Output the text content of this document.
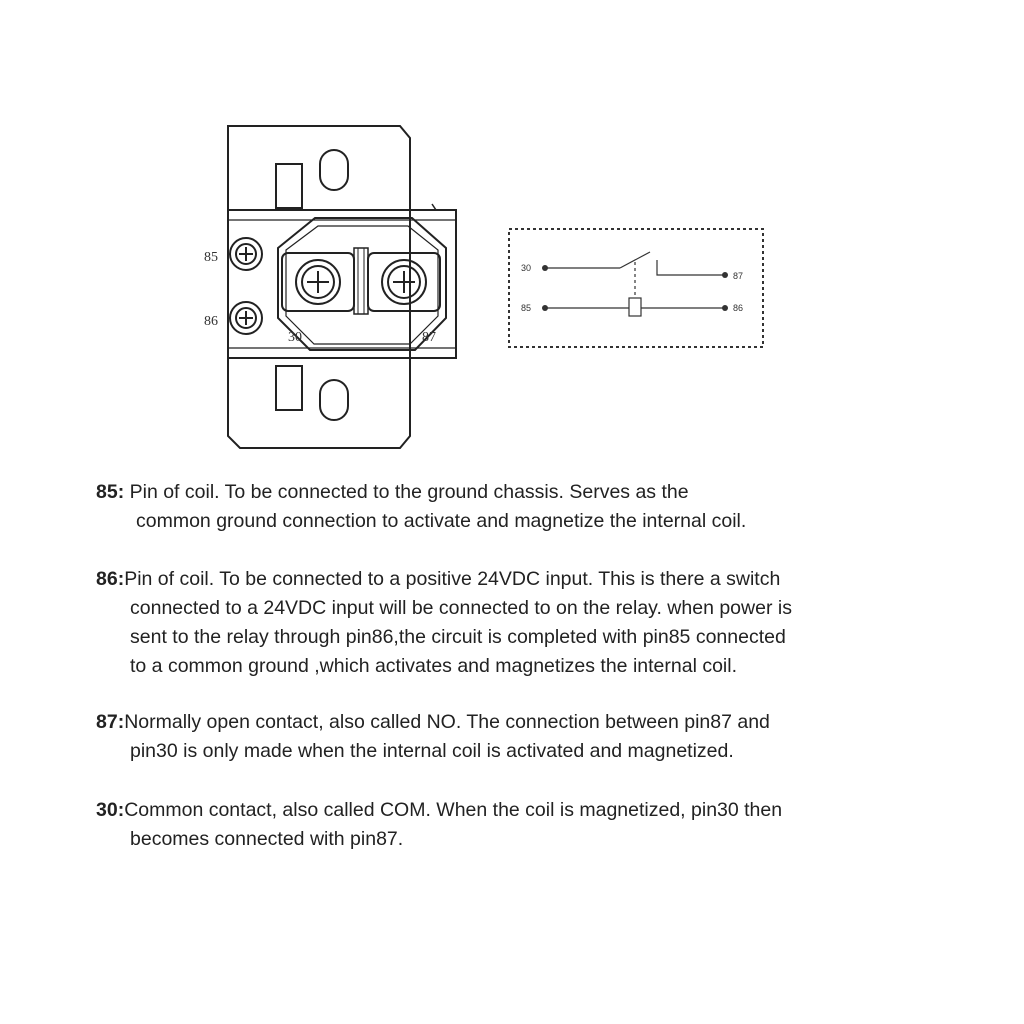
85
86
30	87
30
87
85	86
85: Pin of coil. To be connected to the ground chassis. Serves as the
common ground connection to activate and magnetize the internal coil.
86:Pin of coil. To be connected to a positive 24VDC input. This is there a switch
connected to a 24VDC input will be connected to on the relay. when power is
sent to the relay through pin86,the circuit is completed with pin85 connected
to a common ground ,which activates and magnetizes the internal coil.
87:Normally open contact, also called NO. The connection between pin87 and
pin30 is only made when the internal coil is activated and magnetized.
30:Common contact, also called COM. When the coil is magnetized, pin30 then
becomes connected with pin87.
